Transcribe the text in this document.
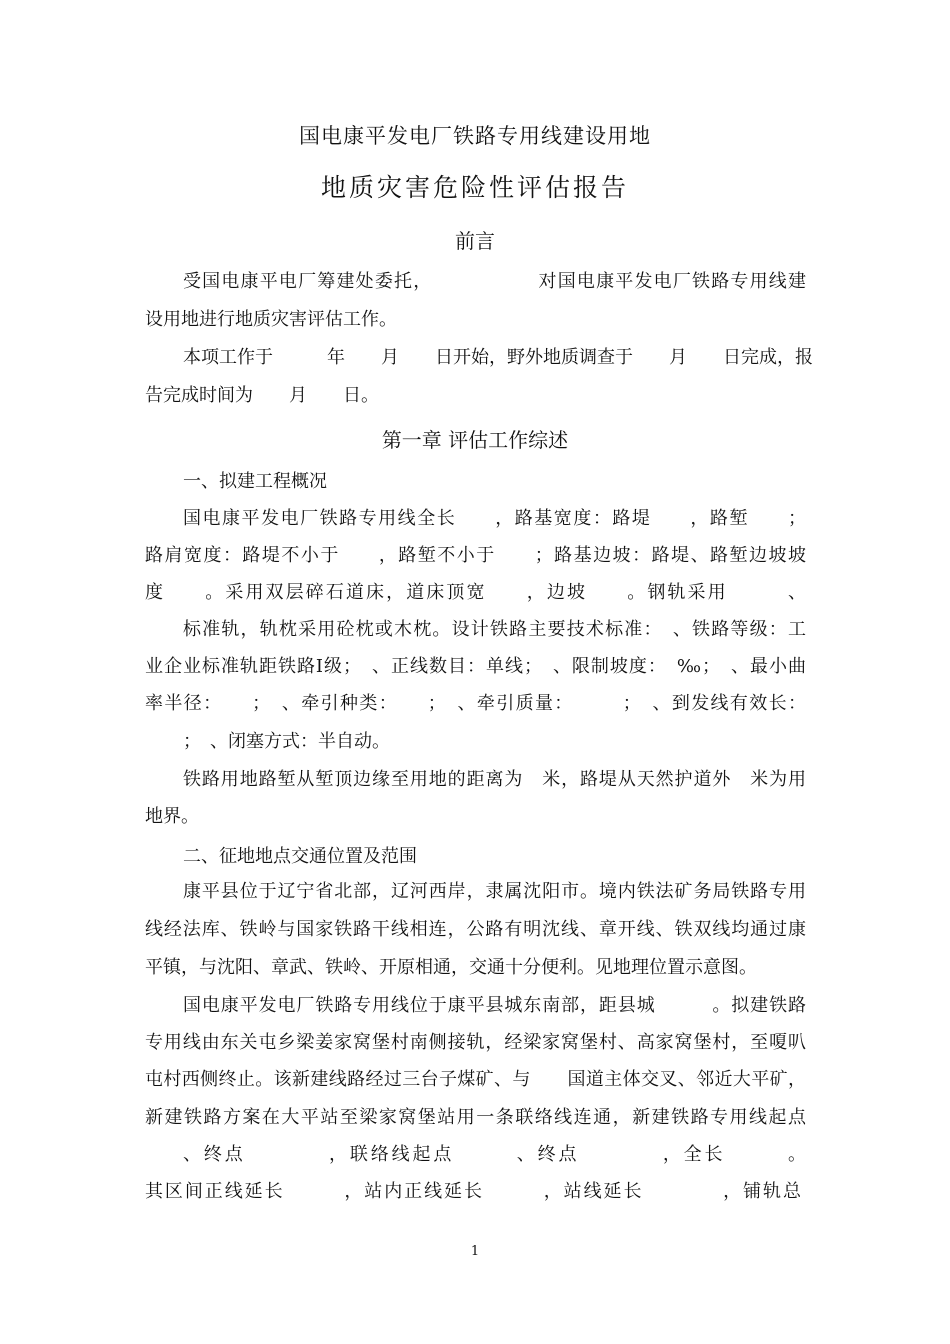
国电康平发电厂铁路专用线建设用地
地质灾害危险性评估报告
前言
受国电康平电厂筹建处委托，　　　　　　对国电康平发电厂铁路专用线建
设用地进行地质灾害评估工作。
本项工作于　　　年　　月　　日开始，野外地质调查于　　月　　日完成，报
告完成时间为　　月　　日。
第一章 评估工作综述
一、拟建工程概况
国电康平发电厂铁路专用线全长　　，路基宽度：路堤　　，路堑　　；
路肩宽度：路堤不小于　　，路堑不小于　　；路基边坡：路堤、路堑边坡坡
度　　。采用双层碎石道床，道床顶宽　　，边坡　　。钢轨采用　　　、
标准轨，轨枕采用砼枕或木枕。设计铁路主要技术标准：　、铁路等级：工
业企业标准轨距铁路Ⅰ级；　、正线数目：单线；　、限制坡度：　‰；　、最小曲
率半径：　　；　、牵引种类：　　；　、牵引质量：　　　；　、到发线有效长：
；　、闭塞方式：半自动。
铁路用地路堑从堑顶边缘至用地的距离为　米，路堤从天然护道外　米为用
地界。
二、征地地点交通位置及范围
康平县位于辽宁省北部，辽河西岸，隶属沈阳市。境内铁法矿务局铁路专用
线经法库、铁岭与国家铁路干线相连，公路有明沈线、章开线、铁双线均通过康
平镇，与沈阳、章武、铁岭、开原相通，交通十分便利。见地理位置示意图。
国电康平发电厂铁路专用线位于康平县城东南部，距县城　　　。拟建铁路
专用线由东关屯乡梁姜家窝堡村南侧接轨，经梁家窝堡村、高家窝堡村，至嗄叭
屯村西侧终止。该新建线路经过三台子煤矿、与　　国道主体交叉、邻近大平矿，
新建铁路方案在大平站至梁家窝堡站用一条联络线连通，新建铁路专用线起点
、终点　　　　，联络线起点　　　、终点　　　　，全长　　　。
其区间正线延长　　　，站内正线延长　　　，站线延长　　　　，铺轨总
1
